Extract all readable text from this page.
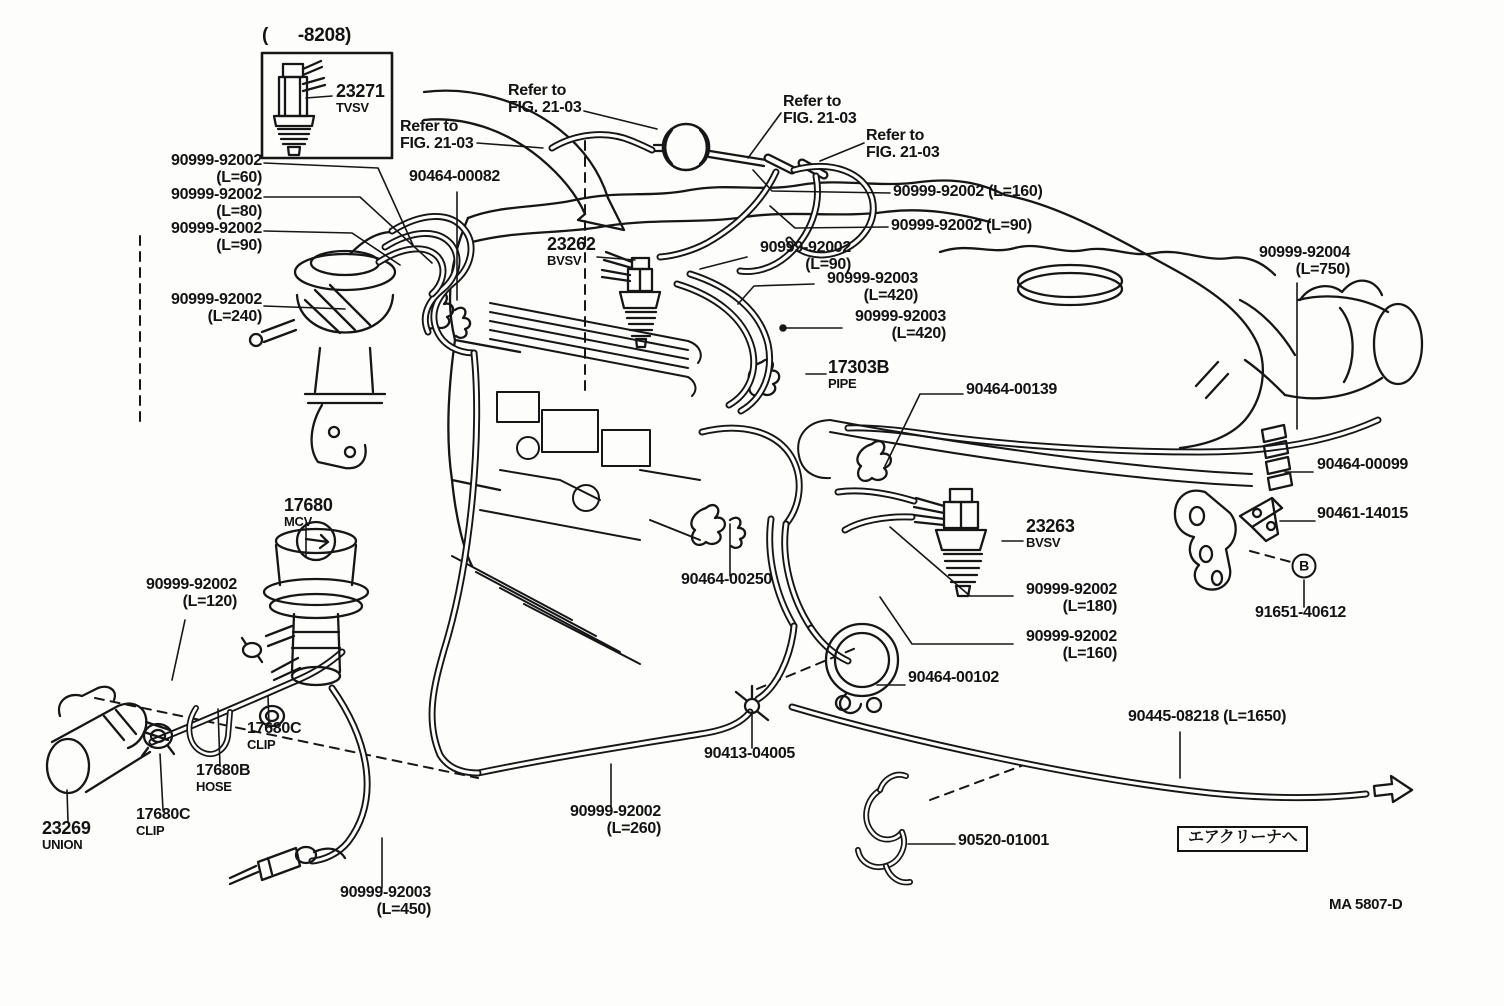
(      -8208)
23271
TVSV
Refer to
FIG. 21-03
Refer to
FIG. 21-03
Refer to
FIG. 21-03
Refer to
FIG. 21-03
90999-92002
(L=60)
90999-92002
(L=80)
90999-92002
(L=90)
90464-00082
90999-92002
(L=240)
23262
BVSV
90999-92002
(L=90)
90999-92002 (L=160)
90999-92002 (L=90)
90999-92003
(L=420)
90999-92003
(L=420)
17303B
PIPE	90464-00139
90999-92004
(L=750)
90464-00099
90461-14015
B
91651-40612
23263
BVSV
90999-92002
(L=180)
90999-92002
(L=160)
90464-00250
90464-00102
90445-08218 (L=1650)
90413-04005
90999-92002
(L=260)
90520-01001
17680
MCV
90999-92002
(L=120)
17680C
CLIP
17680B
HOSE
17680C
CLIP
23269
UNION
90999-92003
(L=450)
エアクリーナへ
MA 5807-D
